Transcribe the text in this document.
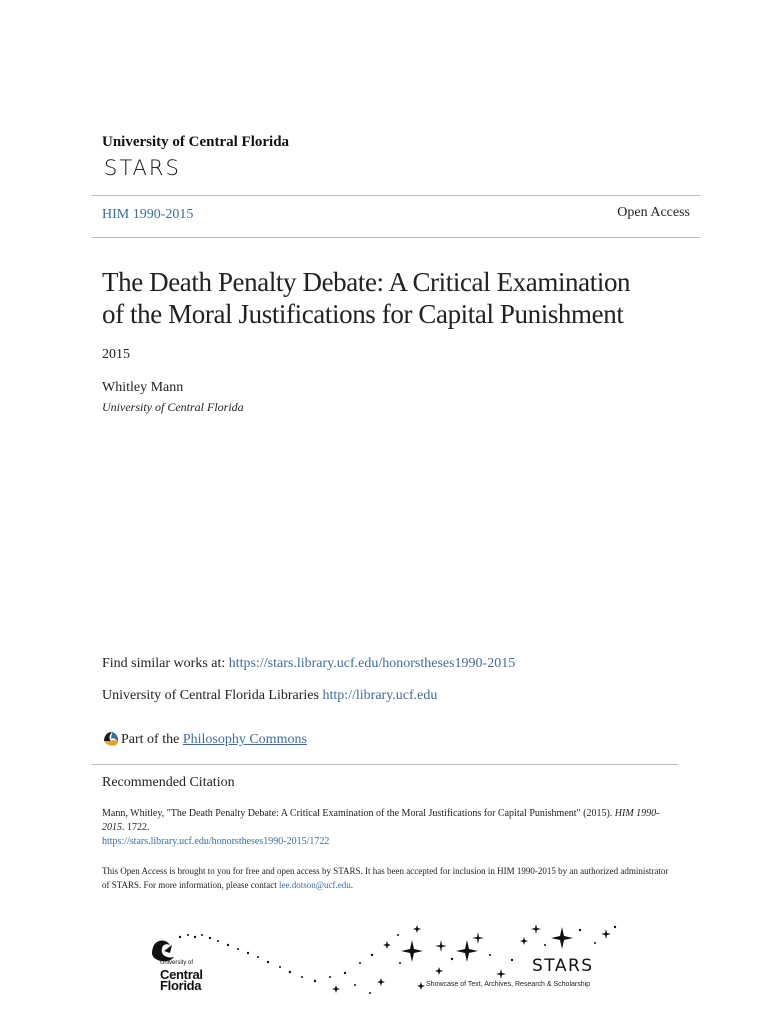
University of Central Florida
STARS
HIM 1990-2015	Open Access
The Death Penalty Debate: A Critical Examination
of the Moral Justifications for Capital Punishment
2015
Whitley Mann
University of Central Florida
Find similar works at: https://stars.library.ucf.edu/honorstheses1990-2015
University of Central Florida Libraries http://library.ucf.edu
Part of the Philosophy Commons
Recommended Citation
Mann, Whitley, "The Death Penalty Debate: A Critical Examination of the Moral Justifications for Capital Punishment" (2015). HIM 1990-2015. 1722.
https://stars.library.ucf.edu/honorstheses1990-2015/1722
This Open Access is brought to you for free and open access by STARS. It has been accepted for inclusion in HIM 1990-2015 by an authorized administrator of STARS. For more information, please contact lee.dotson@ucf.edu.
University of
Central
Florida
STARS
Showcase of Text, Archives, Research & Scholarship
